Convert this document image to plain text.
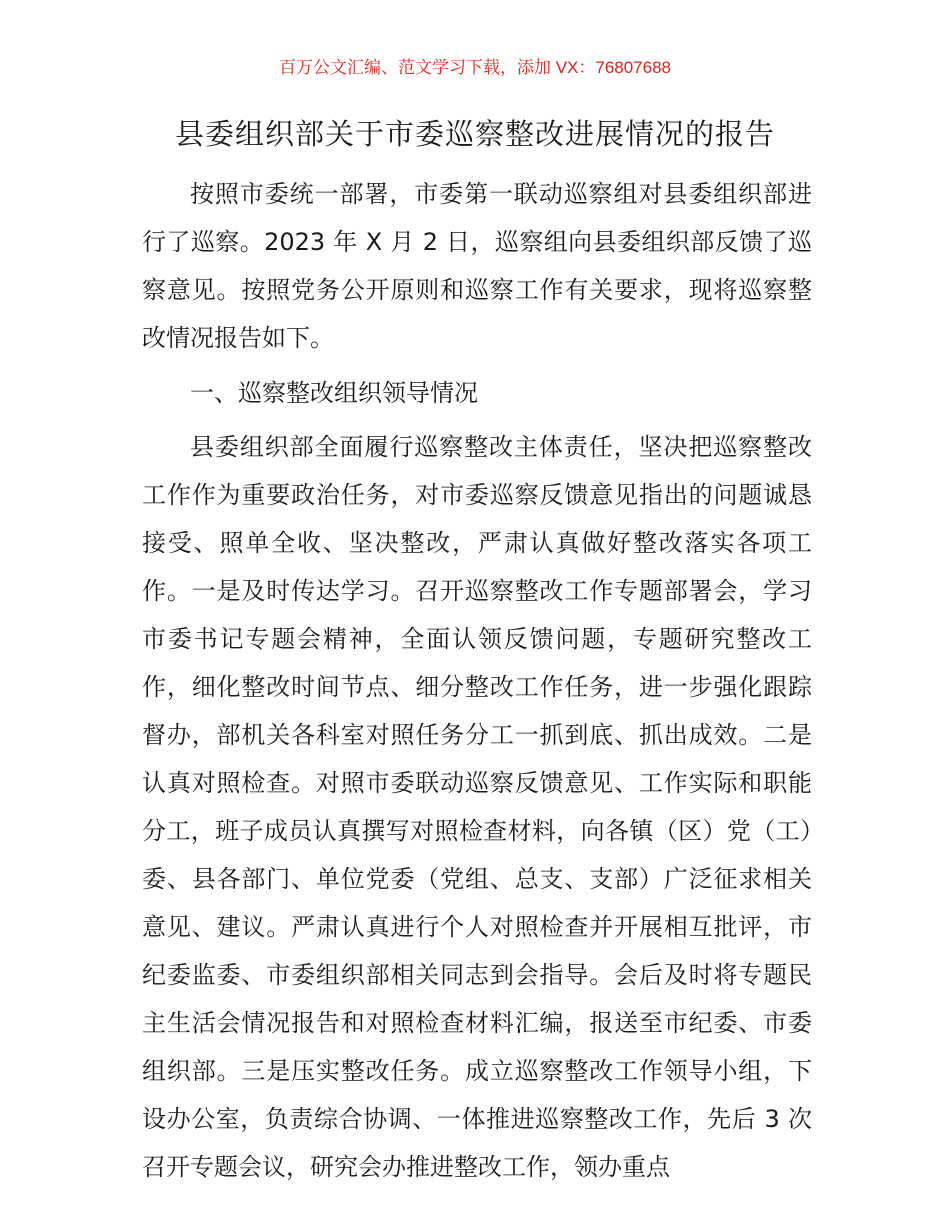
百万公文汇编、范文学习下载，添加 VX：76807688
县委组织部关于市委巡察整改进展情况的报告

按照市委统一部署，市委第一联动巡察组对县委组织部进行了巡察。2023 年 X 月 2 日，巡察组向县委组织部反馈了巡察意见。按照党务公开原则和巡察工作有关要求，现将巡察整改情况报告如下。

一、巡察整改组织领导情况

县委组织部全面履行巡察整改主体责任，坚决把巡察整改工作作为重要政治任务，对市委巡察反馈意见指出的问题诚恳接受、照单全收、坚决整改，严肃认真做好整改落实各项工作。一是及时传达学习。召开巡察整改工作专题部署会，学习市委书记专题会精神，全面认领反馈问题，专题研究整改工作，细化整改时间节点、细分整改工作任务，进一步强化跟踪督办，部机关各科室对照任务分工一抓到底、抓出成效。二是认真对照检查。对照市委联动巡察反馈意见、工作实际和职能分工，班子成员认真撰写对照检查材料，向各镇（区）党（工）委、县各部门、单位党委（党组、总支、支部）广泛征求相关意见、建议。严肃认真进行个人对照检查并开展相互批评，市纪委监委、市委组织部相关同志到会指导。会后及时将专题民主生活会情况报告和对照检查材料汇编，报送至市纪委、市委组织部。三是压实整改任务。成立巡察整改工作领导小组，下设办公室，负责综合协调、一体推进巡察整改工作，先后 3 次召开专题会议，研究会办推进整改工作，领办重点
